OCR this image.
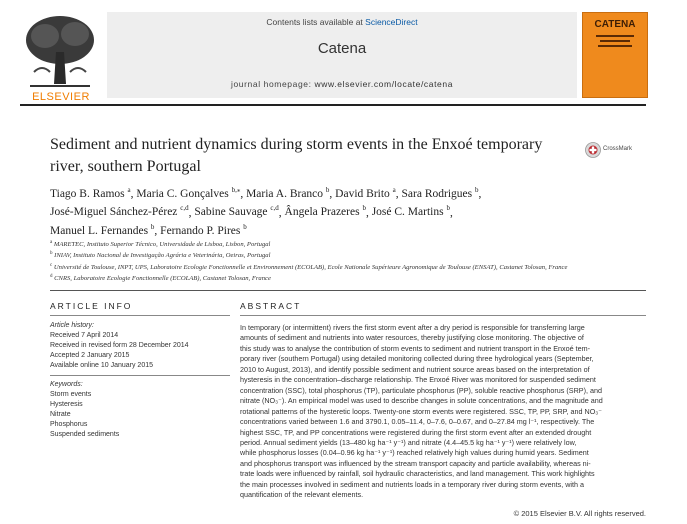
ELSEVIER
Contents lists available at ScienceDirect
Catena
journal homepage: www.elsevier.com/locate/catena
CATENA
Sediment and nutrient dynamics during storm events in the Enxoé temporary river, southern Portugal
CrossMark
Tiago B. Ramos $^a$, Maria C. Gonçalves $^{b,⁎}$, Maria A. Branco $^b$, David Brito $^a$, Sara Rodrigues $^b$,
José-Miguel Sánchez-Pérez $^{c,d}$, Sabine Sauvage $^{c,d}$, Ângela Prazeres $^b$, José C. Martins $^b$,
Manuel L. Fernandes $^b$, Fernando P. Pires $^b$
$^a$ MARETEC, Instituto Superior Técnico, Universidade de Lisboa, Lisbon, Portugal
$^b$ INIAV, Instituto Nacional de Investigação Agrária e Veterinária, Oeiras, Portugal
$^c$ Université de Toulouse, INPT, UPS, Laboratoire Ecologie Fonctionnelle et Environnement (ECOLAB), Ecole Nationale Supérieure Agronomique de Toulouse (ENSAT), Castanet Tolosan, France
$^d$ CNRS, Laboratoire Ecologie Fonctionnelle (ECOLAB), Castanet Tolosan, France
ARTICLE INFO
Article history:
Received 7 April 2014
Received in revised form 28 December 2014
Accepted 2 January 2015
Available online 10 January 2015
Keywords:
Storm events
Hysteresis
Nitrate
Phosphorus
Suspended sediments
ABSTRACT
In temporary (or intermittent) rivers the first storm event after a dry period is responsible for transferring large
amounts of sediment and nutrients into water resources, thereby justifying close monitoring. The objective of
this study was to analyse the contribution of storm events to sediment and nutrient transport in the Enxoé tem-
porary river (southern Portugal) using detailed monitoring collected during three hydrological years (September,
2010 to August, 2013), and identify possible sediment and nutrient source areas based on the interpretation of
hysteresis in the concentration–discharge relationship. The Enxoé River was monitored for suspended sediment
concentration (SSC), total phosphorus (TP), particulate phosphorus (PP), soluble reactive phosphorus (SRP), and
nitrate (NO₃⁻). An empirical model was used to describe changes in solute concentrations, and the magnitude and
rotational patterns of the hysteretic loops. Twenty-one storm events were registered. SSC, TP, PP, SRP, and NO₃⁻
concentrations varied between 1.6 and 3790.1, 0.05–11.4, 0–7.6, 0–0.67, and 0–27.84 mg l⁻¹, respectively. The
highest SSC, TP, and PP concentrations were registered during the first storm event after an extended drought
period. Annual sediment yields (13–480 kg ha⁻¹ y⁻¹) and nitrate (4.4–45.5 kg ha⁻¹ y⁻¹) were relatively low,
while phosphorus losses (0.04–0.96 kg ha⁻¹ y⁻¹) reached relatively high values during humid years. Sediment
and phosphorus transport was influenced by the stream transport capacity and particle availability, whereas ni-
trate loads were influenced by rainfall, soil hydraulic characteristics, and land management. This work highlights
the main processes involved in sediment and nutrients loads in a temporary river during storm events, with a
quantification of the relevant elements.
© 2015 Elsevier B.V. All rights reserved.
